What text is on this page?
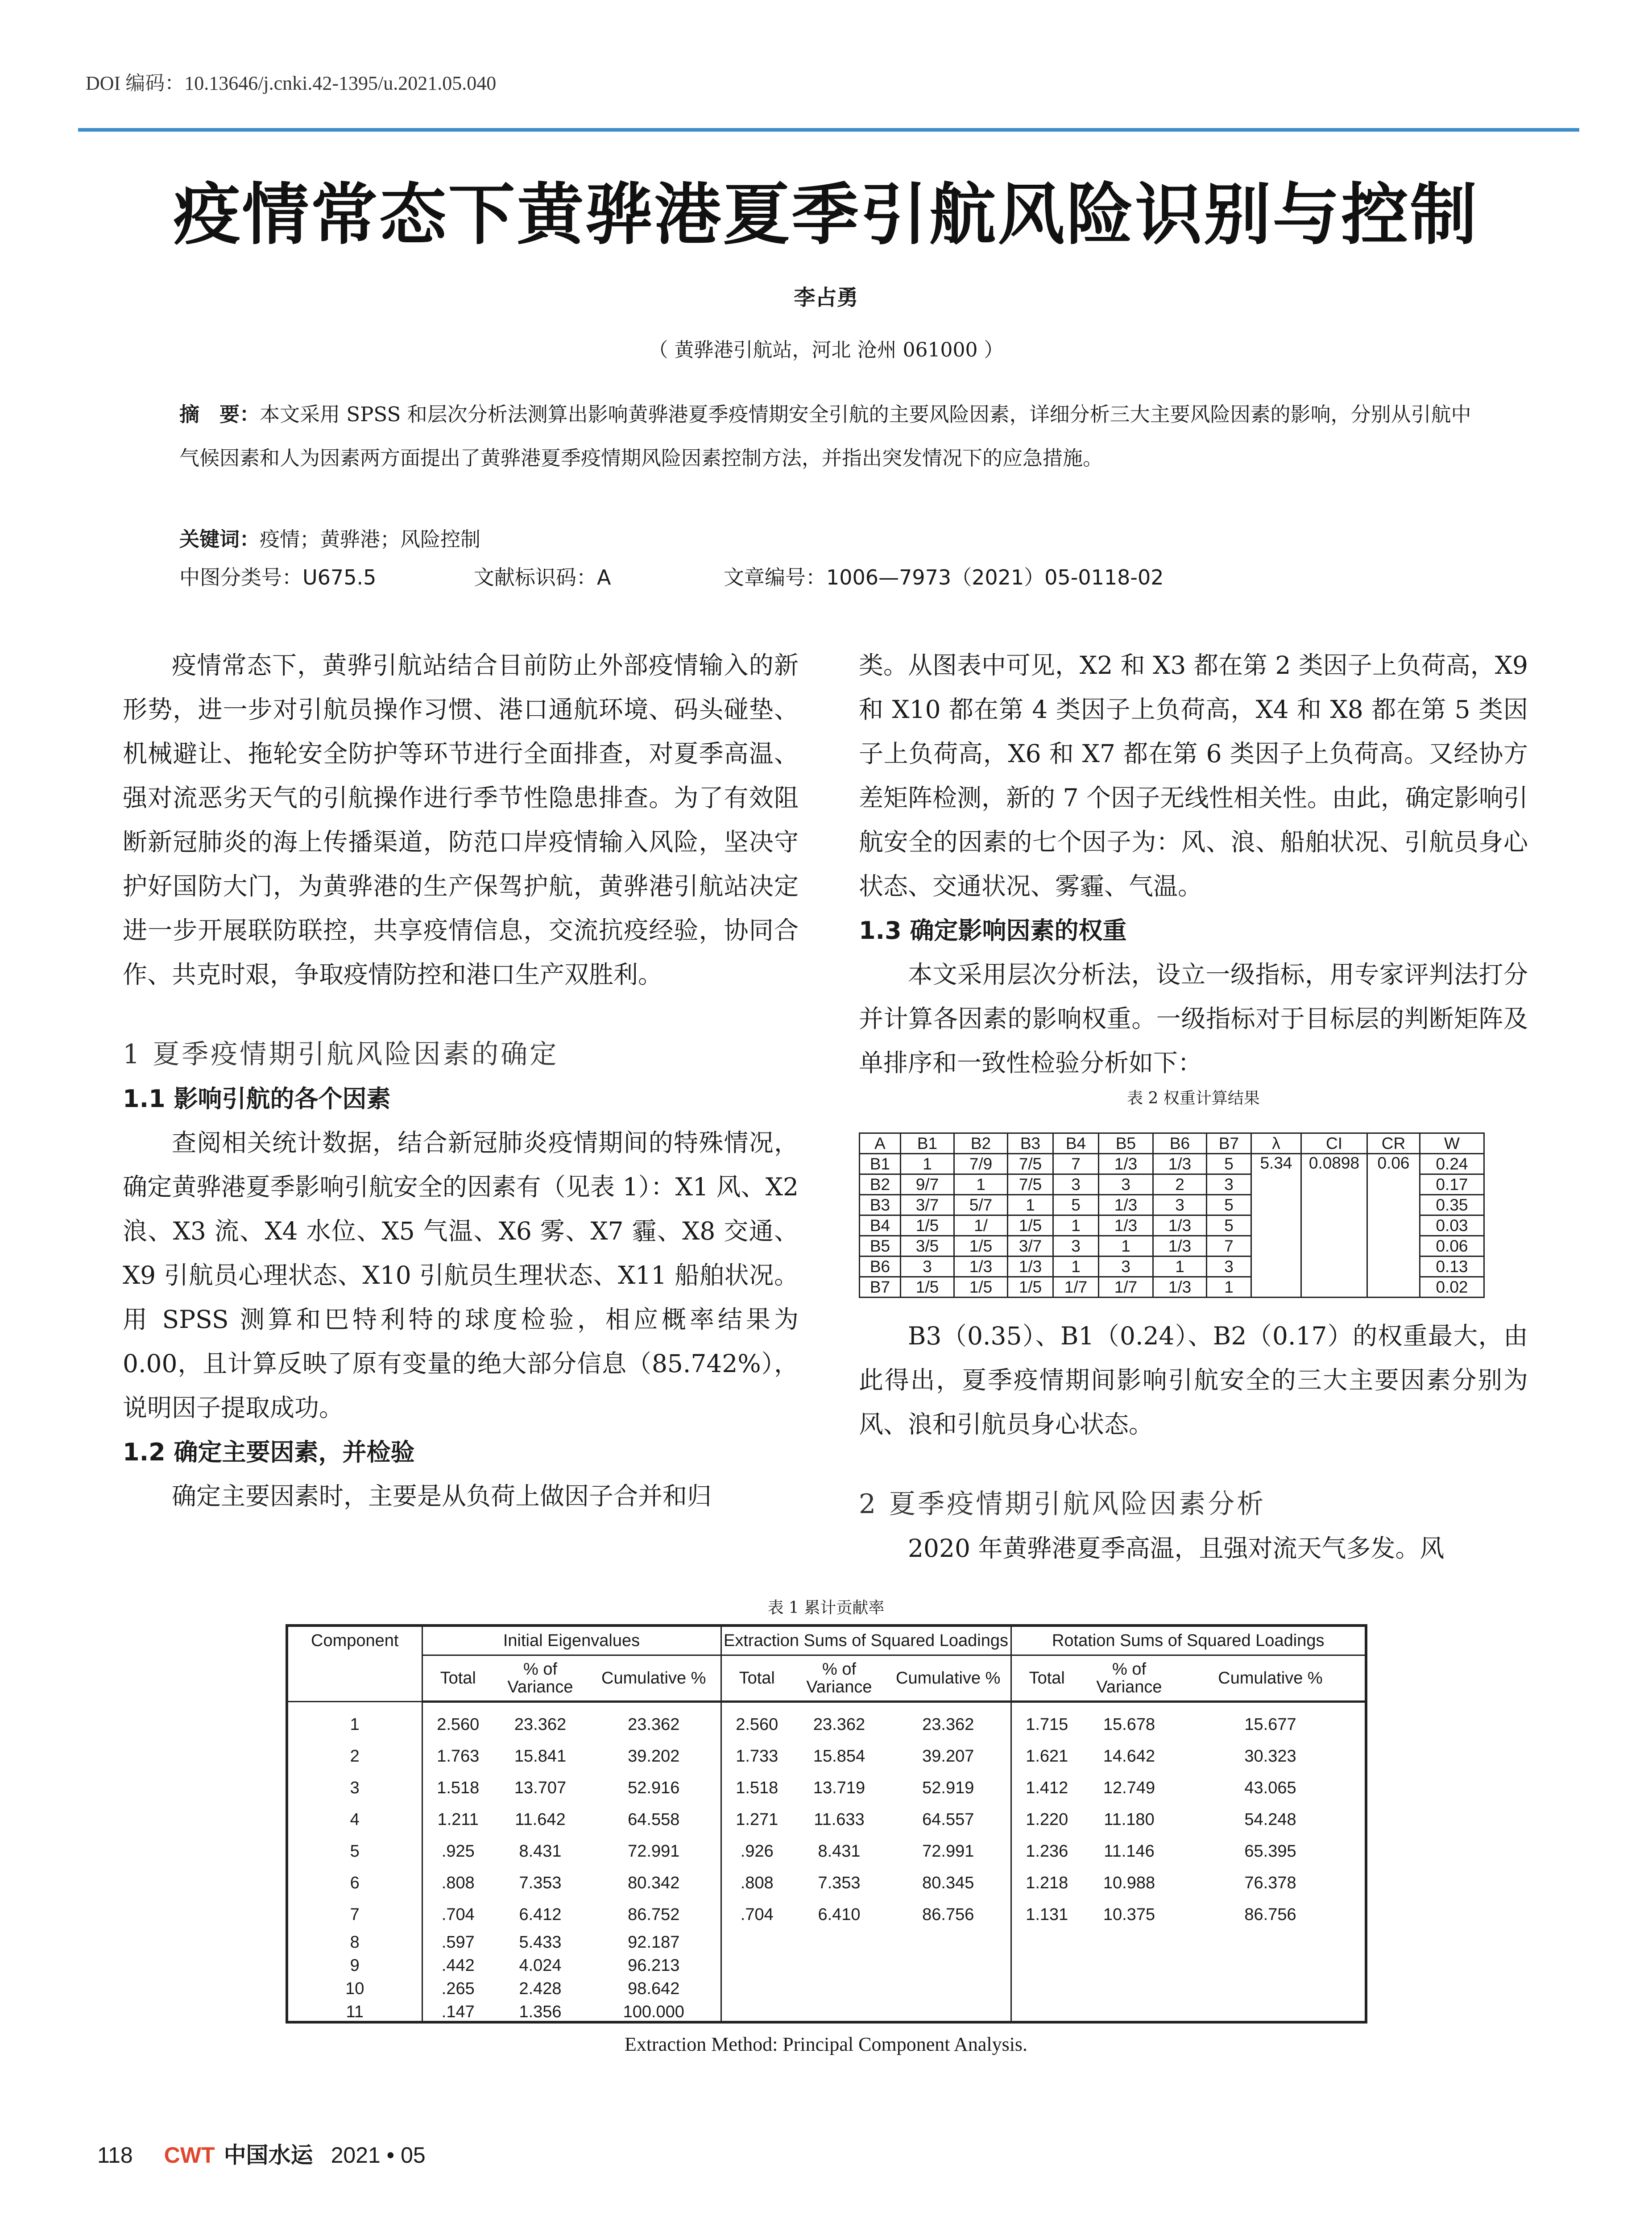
DOI 编码：10.13646/j.cnki.42-1395/u.2021.05.040
疫情常态下黄骅港夏季引航风险识别与控制
李占勇
（ 黄骅港引航站，河北 沧州 061000 ）
摘　要：本文采用 SPSS 和层次分析法测算出影响黄骅港夏季疫情期安全引航的主要风险因素，详细分析三大主要风险因素的影响，分别从引航中气候因素和人为因素两方面提出了黄骅港夏季疫情期风险因素控制方法，并指出突发情况下的应急措施。
关键词：疫情；黄骅港；风险控制
中图分类号：U675.5	文献标识码：A	文章编号：1006—7973（2021）05-0118-02

疫情常态下，黄骅引航站结合目前防止外部疫情输入的新形势，进一步对引航员操作习惯、港口通航环境、码头碰垫、机械避让、拖轮安全防护等环节进行全面排查，对夏季高温、强对流恶劣天气的引航操作进行季节性隐患排查。为了有效阻断新冠肺炎的海上传播渠道，防范口岸疫情输入风险，坚决守护好国防大门，为黄骅港的生产保驾护航，黄骅港引航站决定进一步开展联防联控，共享疫情信息，交流抗疫经验，协同合作、共克时艰，争取疫情防控和港口生产双胜利。

1 夏季疫情期引航风险因素的确定
1.1 影响引航的各个因素

查阅相关统计数据，结合新冠肺炎疫情期间的特殊情况，确定黄骅港夏季影响引航安全的因素有（见表 1）：X1 风、X2 浪、X3 流、X4 水位、X5 气温、X6 雾、X7 霾、X8 交通、X9 引航员心理状态、X10 引航员生理状态、X11 船舶状况。用 SPSS 测算和巴特利特的球度检验，相应概率结果为 0.00，且计算反映了原有变量的绝大部分信息（85.742%），说明因子提取成功。

1.2 确定主要因素，并检验

确定主要因素时，主要是从负荷上做因子合并和归

类。从图表中可见，X2 和 X3 都在第 2 类因子上负荷高，X9 和 X10 都在第 4 类因子上负荷高，X4 和 X8 都在第 5 类因子上负荷高，X6 和 X7 都在第 6 类因子上负荷高。又经协方差矩阵检测，新的 7 个因子无线性相关性。由此，确定影响引航安全的因素的七个因子为：风、浪、船舶状况、引航员身心状态、交通状况、雾霾、气温。

1.3 确定影响因素的权重

本文采用层次分析法，设立一级指标，用专家评判法打分并计算各因素的影响权重。一级指标对于目标层的判断矩阵及单排序和一致性检验分析如下：

表 2 权重计算结果
A	B1	B2	B3	B4	B5	B6	B7	λ	CI	CR	W
B1	1	7/9	7/5	7	1/3	1/3	5	5.34	0.0898	0.06	0.24
B2	9/7	1	7/5	3	3	2	3				0.17
B3	3/7	5/7	1	5	1/3	3	5				0.35
B4	1/5	1/	1/5	1	1/3	1/3	5				0.03
B5	3/5	1/5	3/7	3	1	1/3	7				0.06
B6	3	1/3	1/3	1	3	1	3				0.13
B7	1/5	1/5	1/5	1/7	1/7	1/3	1				0.02

B3（0.35）、B1（0.24）、B2（0.17）的权重最大，由此得出，夏季疫情期间影响引航安全的三大主要因素分别为风、浪和引航员身心状态。

2 夏季疫情期引航风险因素分析

2020 年黄骅港夏季高温，且强对流天气多发。风

表 1 累计贡献率
Component	Initial Eigenvalues			Extraction Sums of Squared Loadings			Rotation Sums of Squared Loadings		
	Total	% of Variance	Cumulative %	Total	% of Variance	Cumulative %	Total	% of Variance	Cumulative %
1	2.560	23.362	23.362	2.560	23.362	23.362	1.715	15.678	15.677
2	1.763	15.841	39.202	1.733	15.854	39.207	1.621	14.642	30.323
3	1.518	13.707	52.916	1.518	13.719	52.919	1.412	12.749	43.065
4	1.211	11.642	64.558	1.271	11.633	64.557	1.220	11.180	54.248
5	.925	8.431	72.991	.926	8.431	72.991	1.236	11.146	65.395
6	.808	7.353	80.342	.808	7.353	80.345	1.218	10.988	76.378
7	.704	6.412	86.752	.704	6.410	86.756	1.131	10.375	86.756
8	.597	5.433	92.187						
9	.442	4.024	96.213						
10	.265	2.428	98.642						
11	.147	1.356	100.000						
Extraction Method: Principal Component Analysis.
118 CWT 中国水运 2021 • 05
